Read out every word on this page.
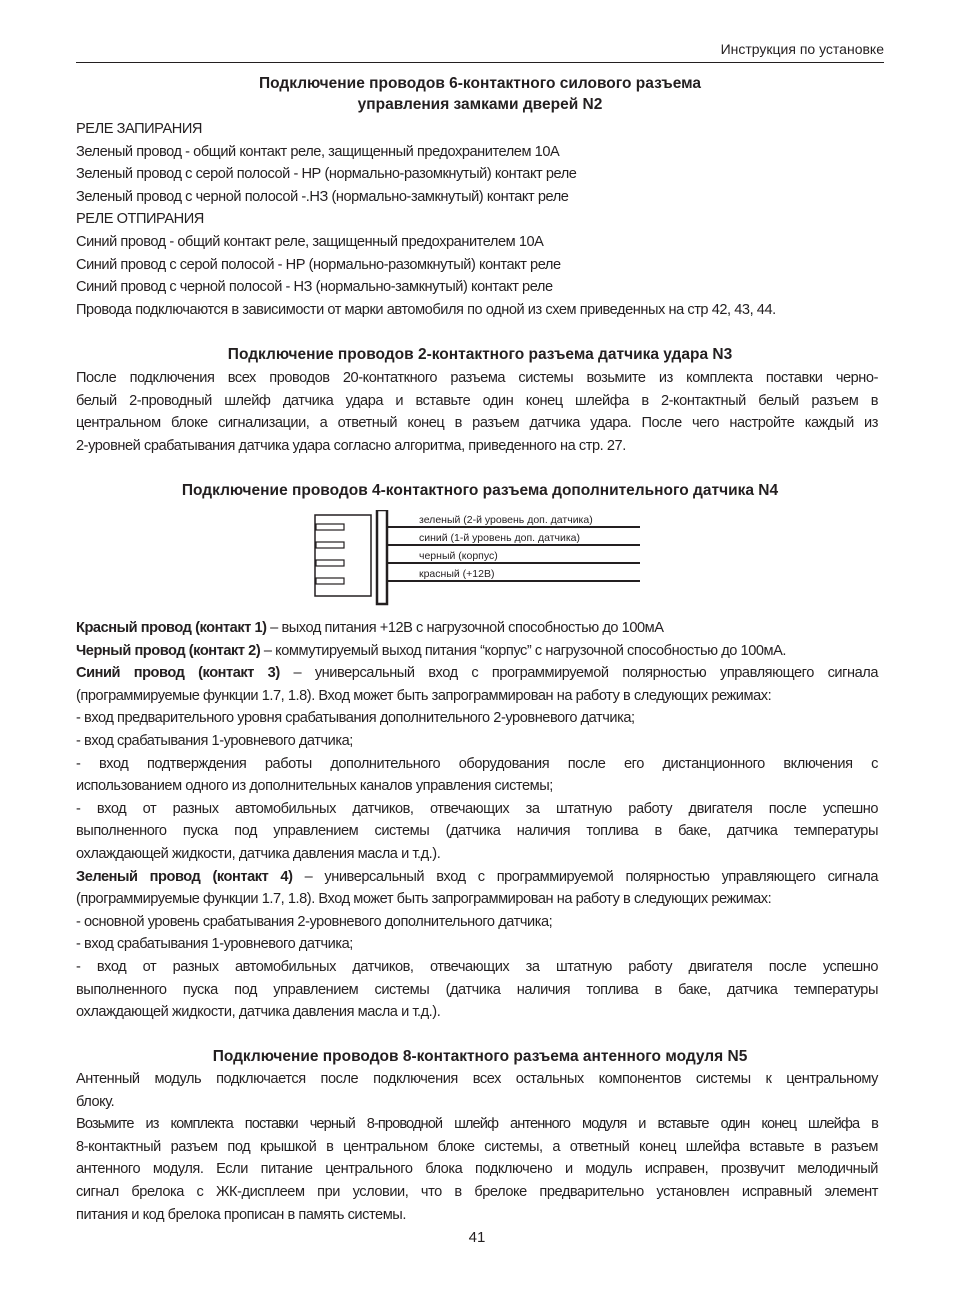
Инструкция по установке
Подключение проводов 6-контактного силового разъема
управления замками дверей N2
РЕЛЕ ЗАПИРАНИЯ
Зеленый провод - общий контакт реле, защищенный предохранителем 10А
Зеленый провод с серой полосой - НР (нормально-разомкнутый) контакт реле
Зеленый провод с черной полосой -.НЗ (нормально-замкнутый) контакт реле
РЕЛЕ ОТПИРАНИЯ
Синий провод - общий контакт реле, защищенный предохранителем 10А
Синий провод с серой полосой - НР (нормально-разомкнутый) контакт реле
Синий провод с черной полосой - НЗ (нормально-замкнутый) контакт реле
Провода подключаются в зависимости от марки автомобиля по одной из схем приведенных на стр 42, 43, 44.
Подключение проводов 2-контактного разъема датчика удара N3
После подключения всех проводов 20-контаткного разъема системы возьмите из комплекта поставки черно-
белый 2-проводный шлейф датчика удара и вставьте один конец шлейфа в 2-контактный белый разъем в
центральном блоке сигнализации, а ответный конец в разъем датчика удара. После чего настройте каждый из
2-уровней срабатывания датчика удара согласно алгоритма, приведенного на стр. 27.
Подключение проводов 4-контактного разъема дополнительного датчика N4
зеленый (2-й уровень доп. датчика)
синий (1-й уровень доп. датчика)
черный (корпус)
красный (+12В)
Красный провод (контакт 1) – выход питания +12В с нагрузочной способностью до 100мА
Черный провод (контакт 2) – коммутируемый выход питания “корпус” с нагрузочной способностью до 100мА.
Синий провод (контакт 3) – универсальный вход с программируемой полярностью управляющего сигнала
(программируемые функции 1.7, 1.8). Вход может быть запрограммирован на работу в следующих режимах:
- вход предварительного уровня срабатывания дополнительного 2-уровневого датчика;
- вход срабатывания 1-уровневого датчика;
- вход подтверждения работы дополнительного оборудования после его дистанционного включения с
использованием одного из дополнительных каналов управления системы;
- вход от разных автомобильных датчиков, отвечающих за штатную работу двигателя после успешно
выполненного пуска под управлением системы (датчика наличия топлива в баке, датчика температуры
охлаждающей жидкости, датчика давления масла и т.д.).
Зеленый провод (контакт 4) – универсальный вход с программируемой полярностью управляющего сигнала
(программируемые функции 1.7, 1.8). Вход может быть запрограммирован на работу в следующих режимах:
- основной уровень срабатывания 2-уровневого дополнительного датчика;
- вход срабатывания 1-уровневого датчика;
- вход от разных автомобильных датчиков, отвечающих за штатную работу двигателя после успешно
выполненного пуска под управлением системы (датчика наличия топлива в баке, датчика температуры
охлаждающей жидкости, датчика давления масла и т.д.).
Подключение проводов 8-контактного разъема антенного модуля N5
Антенный модуль подключается после подключения всех остальных компонентов системы к центральному
блоку.
Возьмите из комплекта поставки черный 8-проводной шлейф антенного модуля и вставьте один конец шлейфа в
8-контактный разъем под крышкой в центральном блоке системы, а ответный конец шлейфа вставьте в разъем
антенного модуля. Если питание центрального блока подключено и модуль исправен, прозвучит мелодичный
сигнал брелока с ЖК-дисплеем при условии, что в брелоке предварительно установлен исправный элемент
питания и код брелока прописан в память системы.
41
